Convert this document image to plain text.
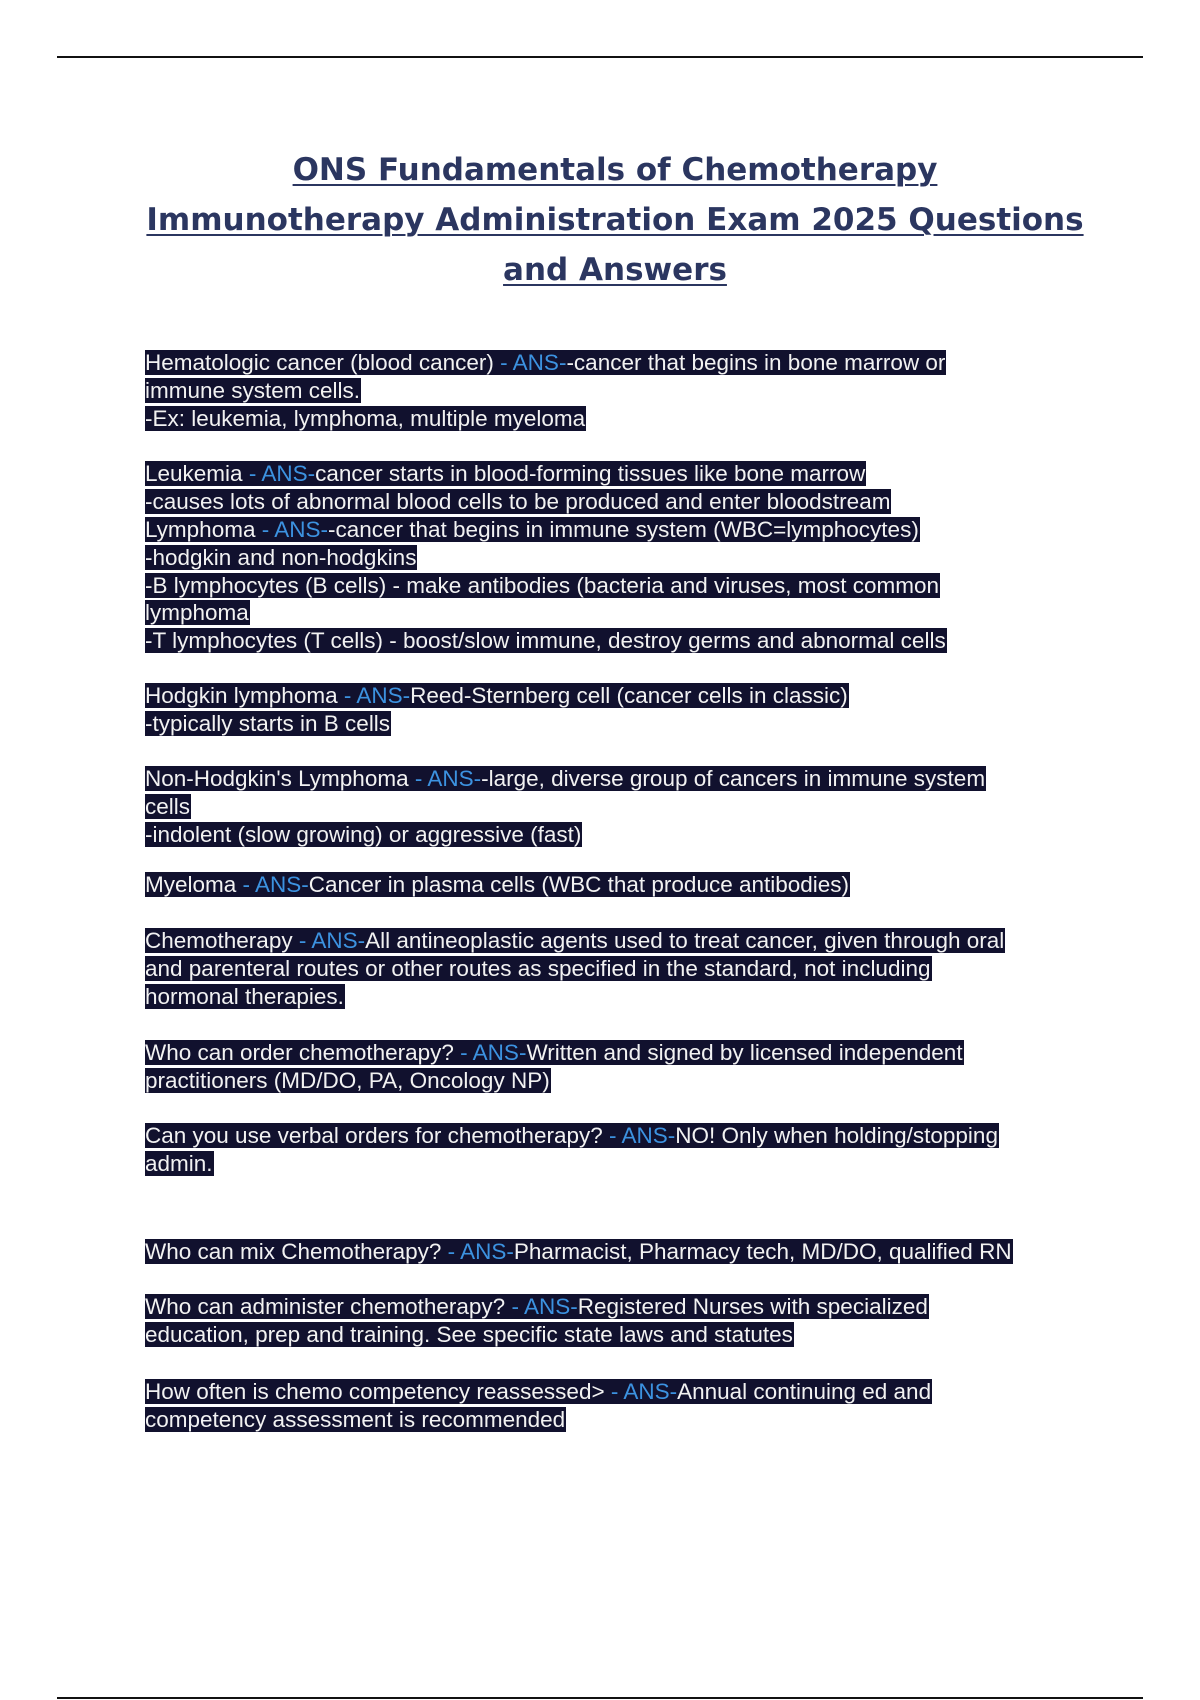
ONS Fundamentals of Chemotherapy
Immunotherapy Administration Exam 2025 Questions
and Answers
Hematologic cancer (blood cancer) - ANS--cancer that begins in bone marrow or
immune system cells.
-Ex: leukemia, lymphoma, multiple myeloma
Leukemia - ANS-cancer starts in blood-forming tissues like bone marrow
-causes lots of abnormal blood cells to be produced and enter bloodstream
Lymphoma - ANS--cancer that begins in immune system (WBC=lymphocytes)
-hodgkin and non-hodgkins
-B lymphocytes (B cells) - make antibodies (bacteria and viruses, most common
lymphoma
-T lymphocytes (T cells) - boost/slow immune, destroy germs and abnormal cells
Hodgkin lymphoma - ANS-Reed-Sternberg cell (cancer cells in classic)
-typically starts in B cells
Non-Hodgkin's Lymphoma - ANS--large, diverse group of cancers in immune system
cells
-indolent (slow growing) or aggressive (fast)
Myeloma - ANS-Cancer in plasma cells (WBC that produce antibodies)
Chemotherapy - ANS-All antineoplastic agents used to treat cancer, given through oral
and parenteral routes or other routes as specified in the standard, not including
hormonal therapies.
Who can order chemotherapy? - ANS-Written and signed by licensed independent
practitioners (MD/DO, PA, Oncology NP)
Can you use verbal orders for chemotherapy? - ANS-NO! Only when holding/stopping
admin.
Who can mix Chemotherapy? - ANS-Pharmacist, Pharmacy tech, MD/DO, qualified RN
Who can administer chemotherapy? - ANS-Registered Nurses with specialized
education, prep and training. See specific state laws and statutes
How often is chemo competency reassessed> - ANS-Annual continuing ed and
competency assessment is recommended
